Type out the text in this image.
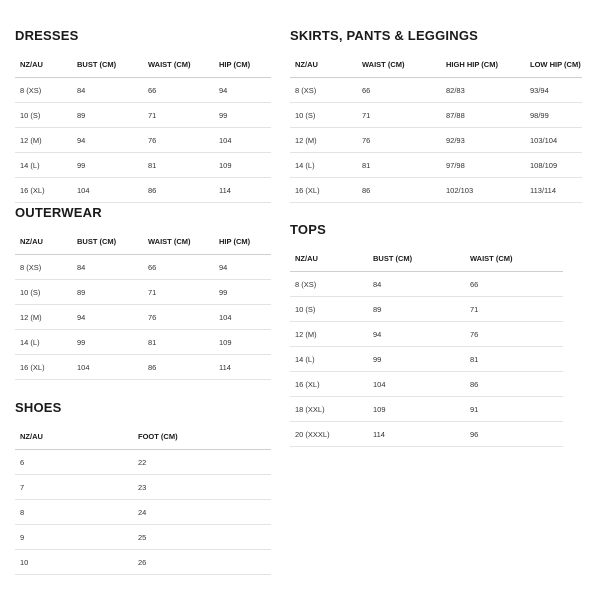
DRESSES
NZ/AU	BUST (CM)	WAIST (CM)	HIP (CM)
8 (XS)	84	66	94
10 (S)	89	71	99
12 (M)	94	76	104
14 (L)	99	81	109
16 (XL)	104	86	114
OUTERWEAR
NZ/AU	BUST (CM)	WAIST (CM)	HIP (CM)
8 (XS)	84	66	94
10 (S)	89	71	99
12 (M)	94	76	104
14 (L)	99	81	109
16 (XL)	104	86	114
SHOES
NZ/AU	FOOT (CM)
6	22
7	23
8	24
9	25
10	26
SKIRTS, PANTS & LEGGINGS
NZ/AU	WAIST (CM)	HIGH HIP (CM)	LOW HIP (CM)
8 (XS)	66	82/83	93/94
10 (S)	71	87/88	98/99
12 (M)	76	92/93	103/104
14 (L)	81	97/98	108/109
16 (XL)	86	102/103	113/114
TOPS
NZ/AU	BUST (CM)	WAIST (CM)
8 (XS)	84	66
10 (S)	89	71
12 (M)	94	76
14 (L)	99	81
16 (XL)	104	86
18 (XXL)	109	91
20 (XXXL)	114	96
